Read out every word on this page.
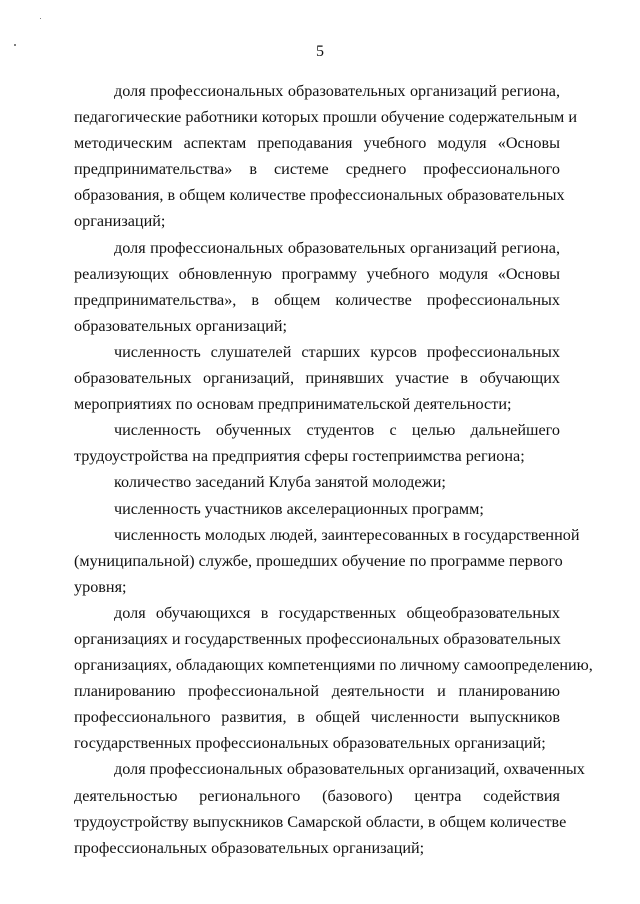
5

доля профессиональных образовательных организаций региона,
педагогические работники которых прошли обучение содержательным и
методическим аспектам преподавания учебного модуля «Основы
предпринимательства» в системе среднего профессионального
образования, в общем количестве профессиональных образовательных
организаций;

доля профессиональных образовательных организаций региона,
реализующих обновленную программу учебного модуля «Основы
предпринимательства», в общем количестве профессиональных
образовательных организаций;

численность слушателей старших курсов профессиональных
образовательных организаций, принявших участие в обучающих
мероприятиях по основам предпринимательской деятельности;

численность обученных студентов с целью дальнейшего
трудоустройства на предприятия сферы гостеприимства региона;

количество заседаний Клуба занятой молодежи;

численность участников акселерационных программ;

численность молодых людей, заинтересованных в государственной
(муниципальной) службе, прошедших обучение по программе первого
уровня;

доля обучающихся в государственных общеобразовательных
организациях и государственных профессиональных образовательных
организациях, обладающих компетенциями по личному самоопределению,
планированию профессиональной деятельности и планированию
профессионального развития, в общей численности выпускников
государственных профессиональных образовательных организаций;

доля профессиональных образовательных организаций, охваченных
деятельностью регионального (базового) центра содействия
трудоустройству выпускников Самарской области, в общем количестве
профессиональных образовательных организаций;
